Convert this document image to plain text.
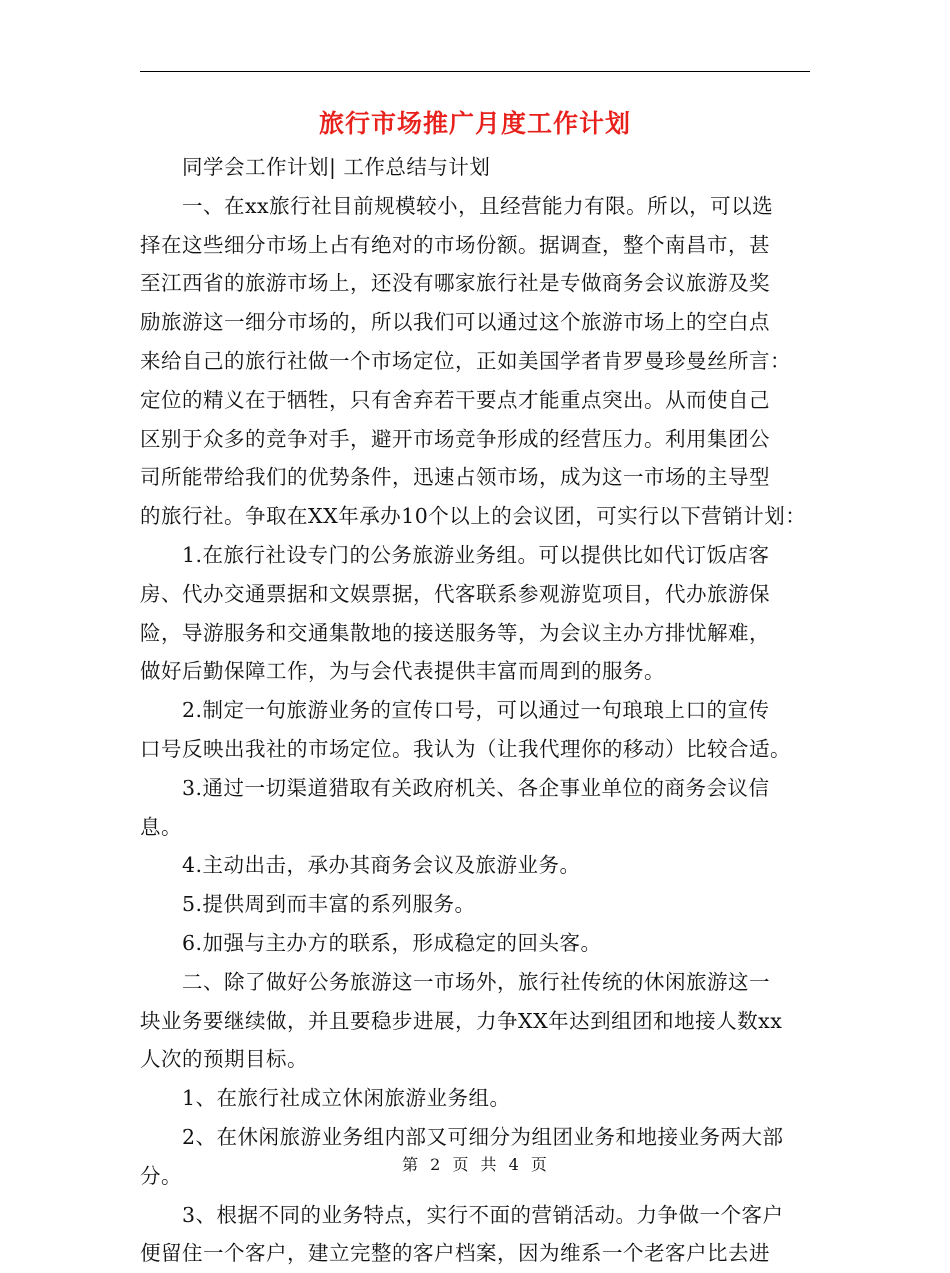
旅行市场推广月度工作计划
　　同学会工作计划| 工作总结与计划
　　一、在xx旅行社目前规模较小，且经营能力有限。所以，可以选
择在这些细分市场上占有绝对的市场份额。据调查，整个南昌市，甚
至江西省的旅游市场上，还没有哪家旅行社是专做商务会议旅游及奖
励旅游这一细分市场的，所以我们可以通过这个旅游市场上的空白点
来给自己的旅行社做一个市场定位，正如美国学者肯罗曼珍曼丝所言：
定位的精义在于牺牲，只有舍弃若干要点才能重点突出。从而使自己
区别于众多的竞争对手，避开市场竞争形成的经营压力。利用集团公
司所能带给我们的优势条件，迅速占领市场，成为这一市场的主导型
的旅行社。争取在XX年承办10个以上的会议团，可实行以下营销计划：
　　1.在旅行社设专门的公务旅游业务组。可以提供比如代订饭店客
房、代办交通票据和文娱票据，代客联系参观游览项目，代办旅游保
险，导游服务和交通集散地的接送服务等，为会议主办方排忧解难，
做好后勤保障工作，为与会代表提供丰富而周到的服务。
　　2.制定一句旅游业务的宣传口号，可以通过一句琅琅上口的宣传
口号反映出我社的市场定位。我认为（让我代理你的移动）比较合适。
　　3.通过一切渠道猎取有关政府机关、各企事业单位的商务会议信
息。
　　4.主动出击，承办其商务会议及旅游业务。
　　5.提供周到而丰富的系列服务。
　　6.加强与主办方的联系，形成稳定的回头客。
　　二、除了做好公务旅游这一市场外，旅行社传统的休闲旅游这一
块业务要继续做，并且要稳步进展，力争XX年达到组团和地接人数xx
人次的预期目标。
　　1、在旅行社成立休闲旅游业务组。
　　2、在休闲旅游业务组内部又可细分为组团业务和地接业务两大部
分。
　　3、根据不同的业务特点，实行不面的营销活动。力争做一个客户
便留住一个客户，建立完整的客户档案，因为维系一个老客户比去进
第 2 页 共 4 页
